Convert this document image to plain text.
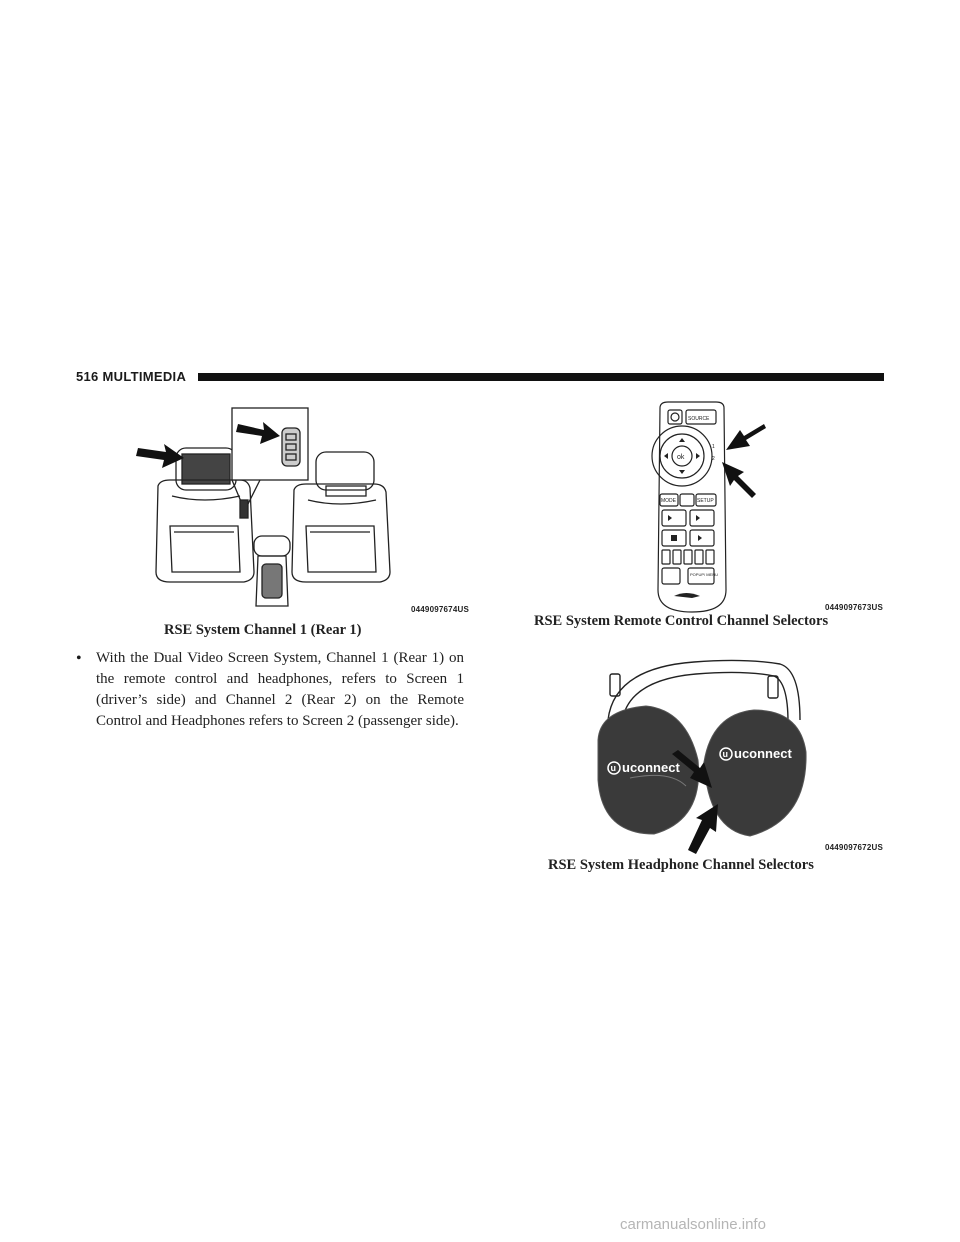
516 MULTIMEDIA
0449097674US
RSE System Channel 1 (Rear 1)
• With the Dual Video Screen System, Channel 1 (Rear 1) on the remote control and headphones, refers to Screen 1 (driver’s side) and Channel 2 (Rear 2) on the Remote Control and Headphones refers to Screen 2 (passenger side).
SOURCE
ok
MODE	SETUP
POPUP/ MENU
1
2
0449097673US
RSE System Remote Control Channel Selectors
u uconnect
u uconnect
0449097672US
RSE System Headphone Channel Selectors
carmanualsonline.info
